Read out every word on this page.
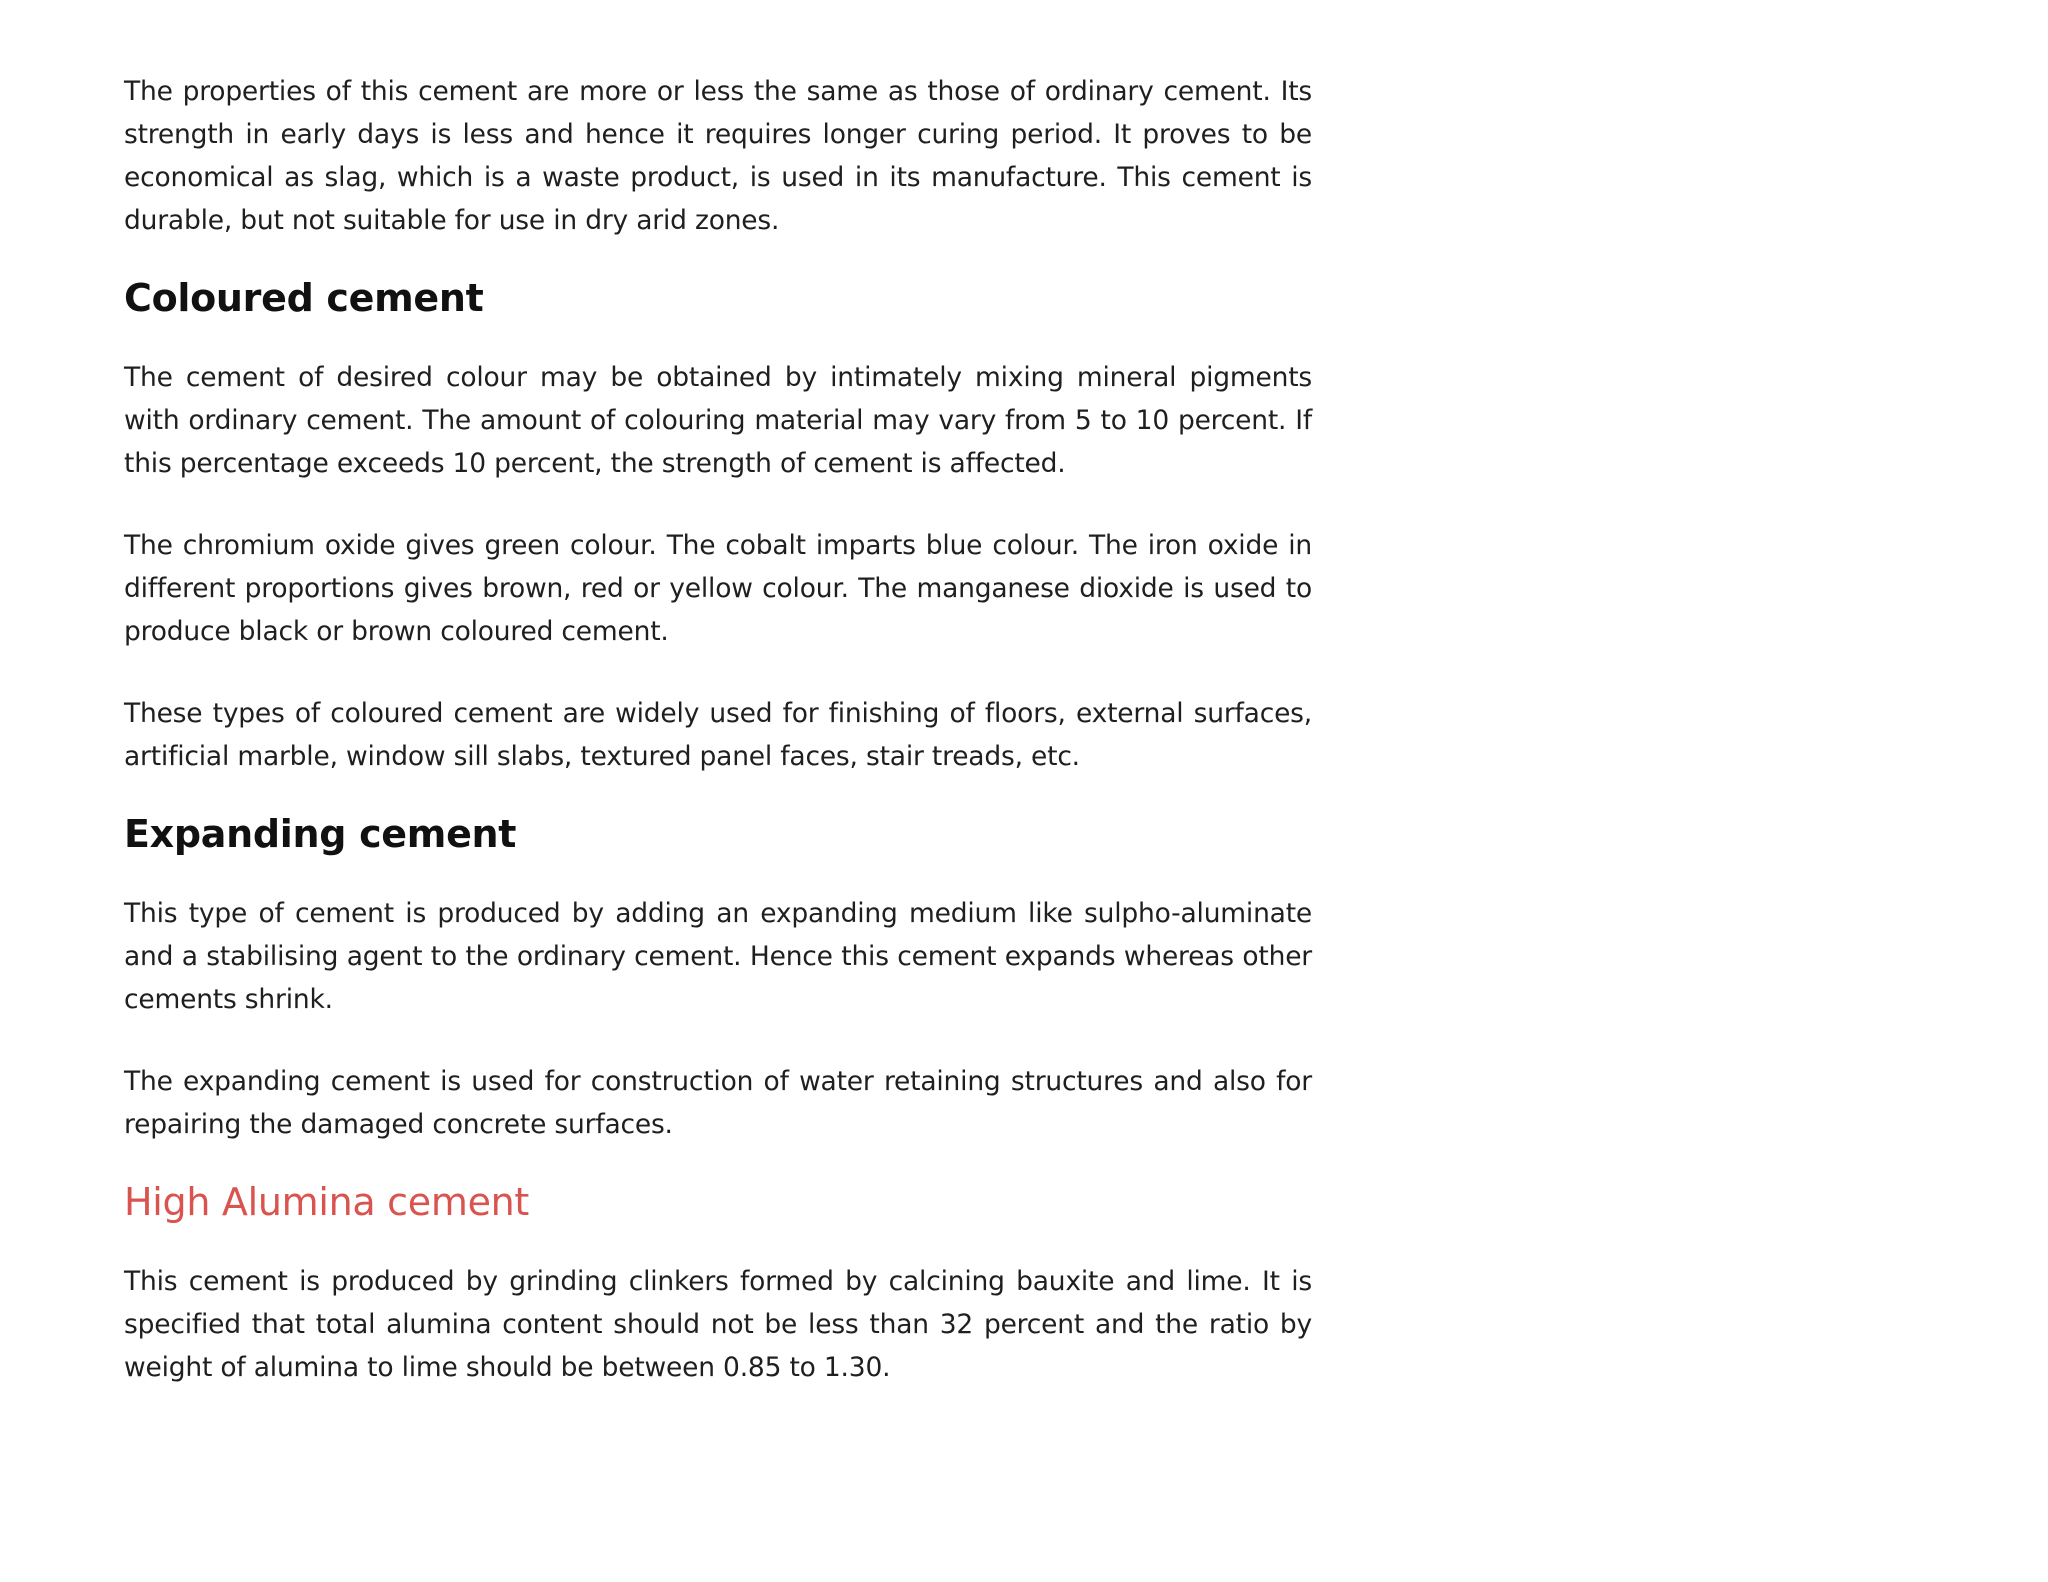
The properties of this cement are more or less the same as those of ordinary cement. Its strength in early days is less and hence it requires longer curing period. It proves to be economical as slag, which is a waste product, is used in its manufacture. This cement is durable, but not suitable for use in dry arid zones.

Coloured cement

The cement of desired colour may be obtained by intimately mixing mineral pigments with ordinary cement. The amount of colouring material may vary from 5 to 10 percent. If this percentage exceeds 10 percent, the strength of cement is affected.

The chromium oxide gives green colour. The cobalt imparts blue colour. The iron oxide in different proportions gives brown, red or yellow colour. The manganese dioxide is used to produce black or brown coloured cement.

These types of coloured cement are widely used for finishing of floors, external surfaces, artificial marble, window sill slabs, textured panel faces, stair treads, etc.

Expanding cement

This type of cement is produced by adding an expanding medium like sulpho-aluminate and a stabilising agent to the ordinary cement. Hence this cement expands whereas other cements shrink.

The expanding cement is used for construction of water retaining structures and also for repairing the damaged concrete surfaces.

High Alumina cement

This cement is produced by grinding clinkers formed by calcining bauxite and lime. It is specified that total alumina content should not be less than 32 percent and the ratio by weight of alumina to lime should be between 0.85 to 1.30.
